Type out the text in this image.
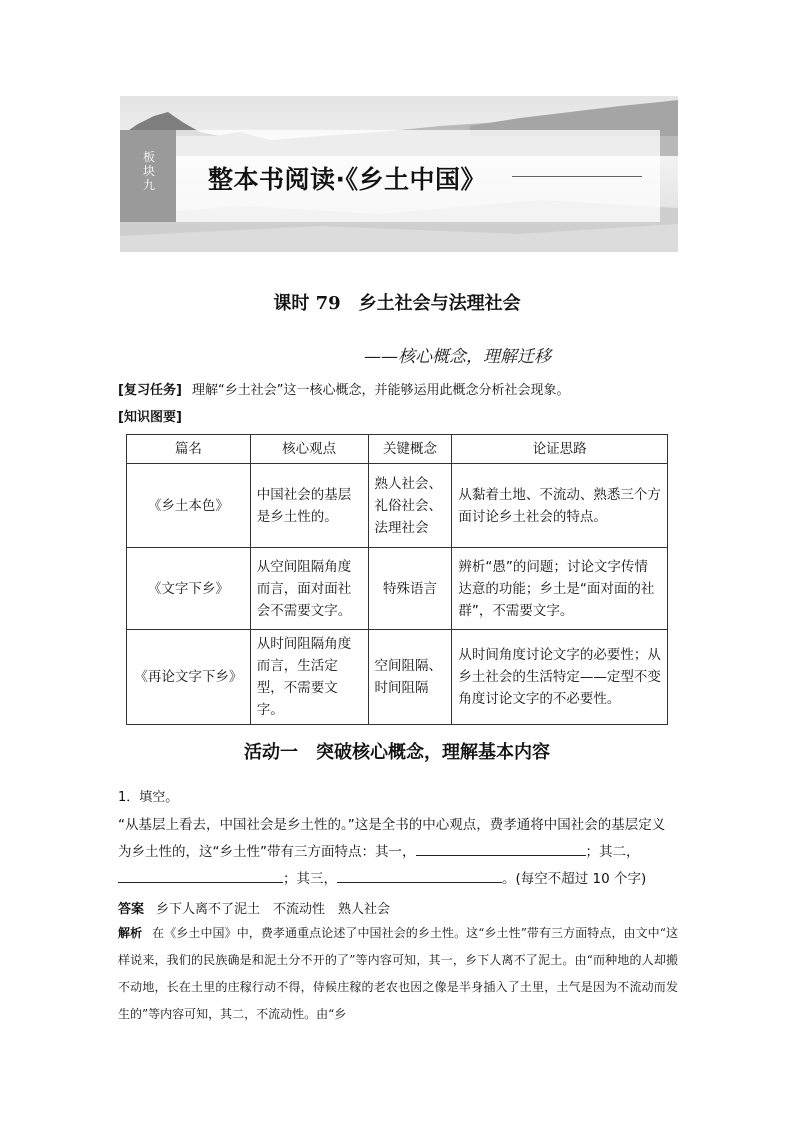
板块九 整本书阅读·《乡土中国》
课时 79　乡土社会与法理社会
——核心概念，理解迁移
[复习任务] 理解“乡土社会”这一核心概念，并能够运用此概念分析社会现象。
[知识图要]
篇名	核心观点	关键概念	论证思路
《乡土本色》	中国社会的基层是乡土性的。	熟人社会、礼俗社会、法理社会	从黏着土地、不流动、熟悉三个方面讨论乡土社会的特点。
《文字下乡》	从空间阻隔角度而言，面对面社会不需要文字。	特殊语言	辨析“愚”的问题；讨论文字传情达意的功能；乡土是“面对面的社群”，不需要文字。
《再论文字下乡》	从时间阻隔角度而言，生活定型，不需要文字。	空间阻隔、时间阻隔	从时间角度讨论文字的必要性；从乡土社会的生活特定——定型不变角度讨论文字的不必要性。
活动一　突破核心概念，理解基本内容
1．填空。
“从基层上看去，中国社会是乡土性的。”这是全书的中心观点，费孝通将中国社会的基层定义为乡土性的，这“乡土性”带有三方面特点：其一，	；其二，；其三，	。(每空不超过 10 个字)
答案 乡下人离不了泥土　不流动性　熟人社会
解析 在《乡土中国》中，费孝通重点论述了中国社会的乡土性。这“乡土性”带有三方面特点，由文中“这样说来，我们的民族确是和泥土分不开的了”等内容可知，其一，乡下人离不了泥土。由“而种地的人却搬不动地，长在土里的庄稼行动不得，侍候庄稼的老农也因之像是半身插入了土里，土气是因为不流动而发生的”等内容可知，其二，不流动性。由“乡
